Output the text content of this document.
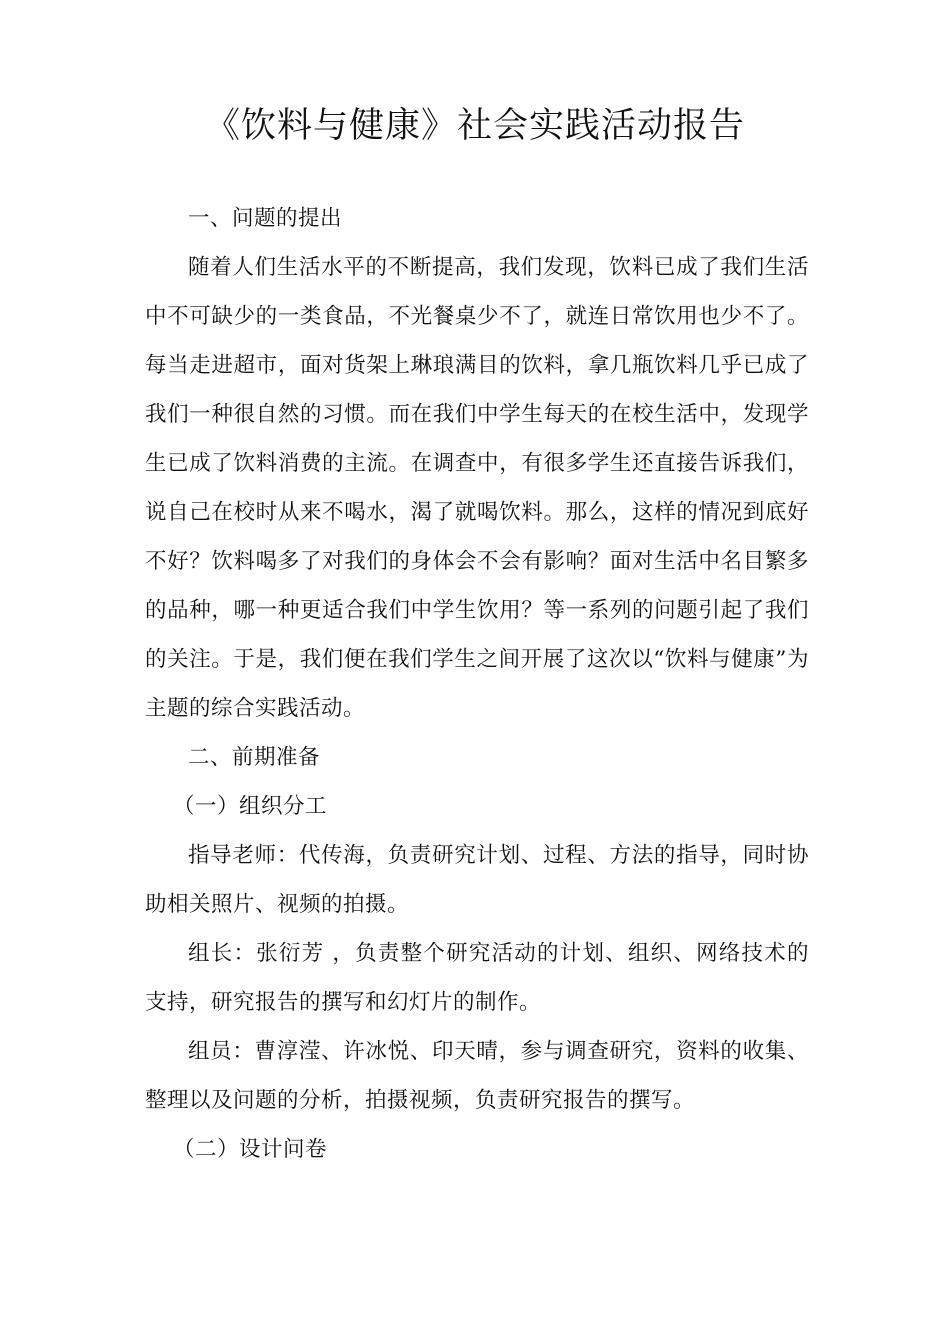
《饮料与健康》社会实践活动报告

一、问题的提出

随着人们生活水平的不断提高，我们发现，饮料已成了我们生活中不可缺少的一类食品，不光餐桌少不了，就连日常饮用也少不了。每当走进超市，面对货架上琳琅满目的饮料，拿几瓶饮料几乎已成了我们一种很自然的习惯。而在我们中学生每天的在校生活中，发现学生已成了饮料消费的主流。在调查中，有很多学生还直接告诉我们，说自己在校时从来不喝水，渴了就喝饮料。那么，这样的情况到底好不好？饮料喝多了对我们的身体会不会有影响？面对生活中名目繁多的品种，哪一种更适合我们中学生饮用？等一系列的问题引起了我们的关注。于是，我们便在我们学生之间开展了这次以“饮料与健康”为主题的综合实践活动。

二、前期准备

（一）组织分工

指导老师：代传海，负责研究计划、过程、方法的指导，同时协助相关照片、视频的拍摄。

组长：张衍芳 ，负责整个研究活动的计划、组织、网络技术的支持，研究报告的撰写和幻灯片的制作。

组员：曹淳滢、许冰悦、印天晴，参与调查研究，资料的收集、整理以及问题的分析，拍摄视频，负责研究报告的撰写。

（二）设计问卷
